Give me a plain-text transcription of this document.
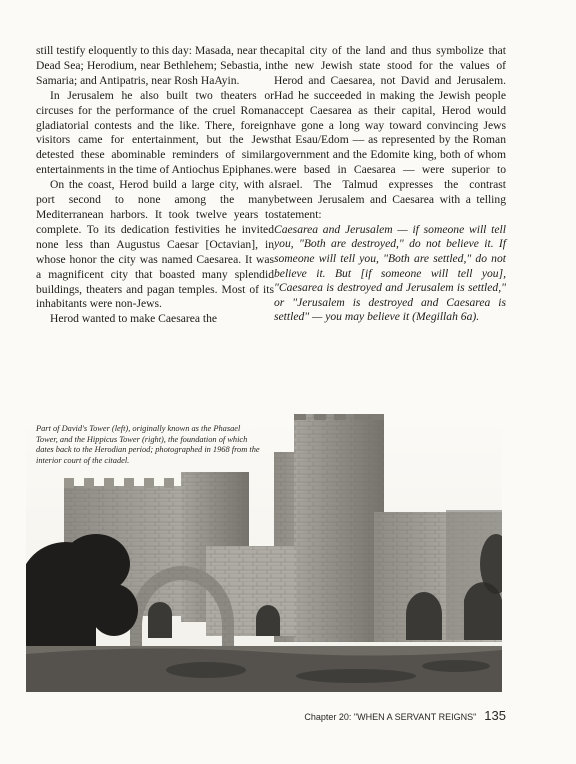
still testify eloquently to this day: Masada, near the Dead Sea; Herodium, near Bethlehem; Sebastia, in Samaria; and Antipatris, near Rosh HaAyin.

In Jerusalem he also built two theaters or circuses for the performance of the cruel Roman gladiatorial contests and the like. There, foreign visitors came for entertainment, but the Jews detested these abominable reminders of similar entertainments in the time of Antiochus Epiphanes.

On the coast, Herod build a large city, with a port second to none among the many Mediterranean harbors. It took twelve years to complete. To its dedication festivities he invited none less than Augustus Caesar [Octavian], in whose honor the city was named Caesarea. It was a magnificent city that boasted many splendid buildings, theaters and pagan temples. Most of its inhabitants were non-Jews.

Herod wanted to make Caesarea the

capital city of the land and thus symbolize that the new Jewish state stood for the values of Herod and Caesarea, not David and Jerusalem. Had he succeeded in making the Jewish people accept Caesarea as their capital, Herod would have gone a long way toward convincing Jews that Esau/Edom — as represented by the Roman government and the Edomite king, both of whom were based in Caesarea — were superior to Israel. The Talmud expresses the contrast between Jerusalem and Caesarea with a telling statement:

Caesarea and Jerusalem — if someone will tell you, "Both are destroyed," do not believe it. If someone will tell you, "Both are settled," do not believe it. But [if someone will tell you], "Caesarea is destroyed and Jerusalem is settled," or "Jerusalem is destroyed and Caesarea is settled" — you may believe it (Megillah 6a).

Part of David's Tower (left), originally known as the Phasael Tower, and the Hippicus Tower (right), the foundation of which dates back to the Herodian period; photographed in 1968 from the interior court of the citadel.
Chapter 20: "WHEN A SERVANT REIGNS" 135
